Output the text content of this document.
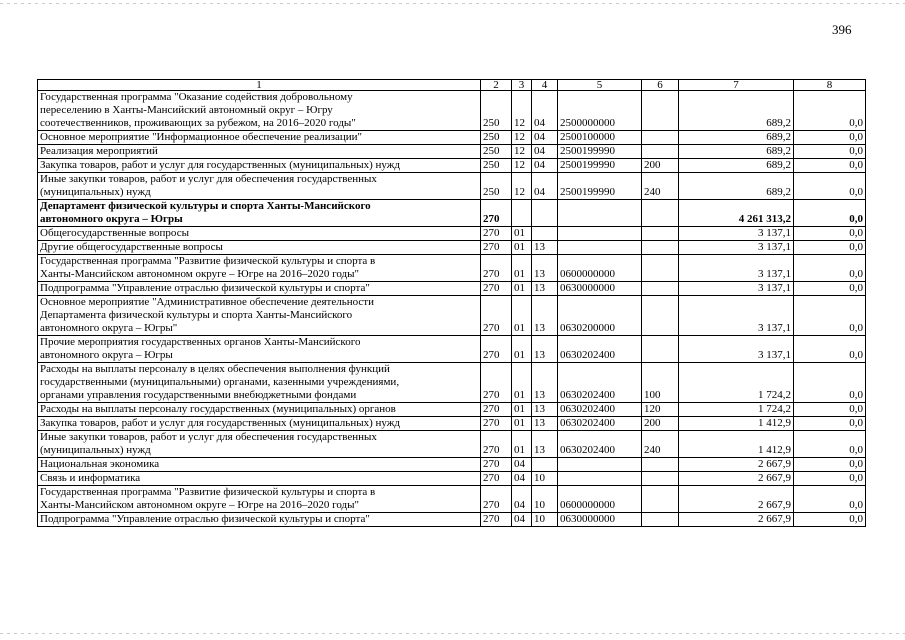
396
1	2	3	4	5	6	7	8

Государственная программа "Оказание содействия добровольному
переселению в Ханты-Мансийский автономный округ – Югру
соотечественников, проживающих за рубежом, на 2016–2020 годы"	250	12	04	2500000000		689,2	0,0

Основное мероприятие "Информационное обеспечение реализации"	250	12	04	2500100000		689,2	0,0

Реализация мероприятий	250	12	04	2500199990		689,2	0,0

Закупка товаров, работ и услуг для государственных (муниципальных) нужд	250	12	04	2500199990	200	689,2	0,0

Иные закупки товаров, работ и услуг для обеспечения государственных
(муниципальных) нужд	250	12	04	2500199990	240	689,2	0,0

Департамент физической культуры и спорта Ханты-Мансийского
автономного округа – Югры	270					4 261 313,2	0,0

Общегосударственные вопросы	270	01				3 137,1	0,0

Другие общегосударственные вопросы	270	01	13			3 137,1	0,0

Государственная программа "Развитие физической культуры и спорта в
Ханты-Мансийском автономном округе – Югре на 2016–2020 годы"	270	01	13	0600000000		3 137,1	0,0

Подпрограмма "Управление отраслью физической культуры и спорта"	270	01	13	0630000000		3 137,1	0,0

Основное мероприятие "Административное обеспечение деятельности
Департамента физической культуры и спорта Ханты-Мансийского
автономного округа – Югры"	270	01	13	0630200000		3 137,1	0,0

Прочие мероприятия государственных органов Ханты-Мансийского
автономного округа – Югры	270	01	13	0630202400		3 137,1	0,0

Расходы на выплаты персоналу в целях обеспечения выполнения функций
государственными (муниципальными) органами, казенными учреждениями,
органами управления государственными внебюджетными фондами	270	01	13	0630202400	100	1 724,2	0,0

Расходы на выплаты персоналу государственных (муниципальных) органов	270	01	13	0630202400	120	1 724,2	0,0

Закупка товаров, работ и услуг для государственных (муниципальных) нужд	270	01	13	0630202400	200	1 412,9	0,0

Иные закупки товаров, работ и услуг для обеспечения государственных
(муниципальных) нужд	270	01	13	0630202400	240	1 412,9	0,0

Национальная экономика	270	04				2 667,9	0,0

Связь и информатика	270	04	10			2 667,9	0,0

Государственная программа "Развитие физической культуры и спорта в
Ханты-Мансийском автономном округе – Югре на 2016–2020 годы"	270	04	10	0600000000		2 667,9	0,0

Подпрограмма "Управление отраслью физической культуры и спорта"	270	04	10	0630000000		2 667,9	0,0
